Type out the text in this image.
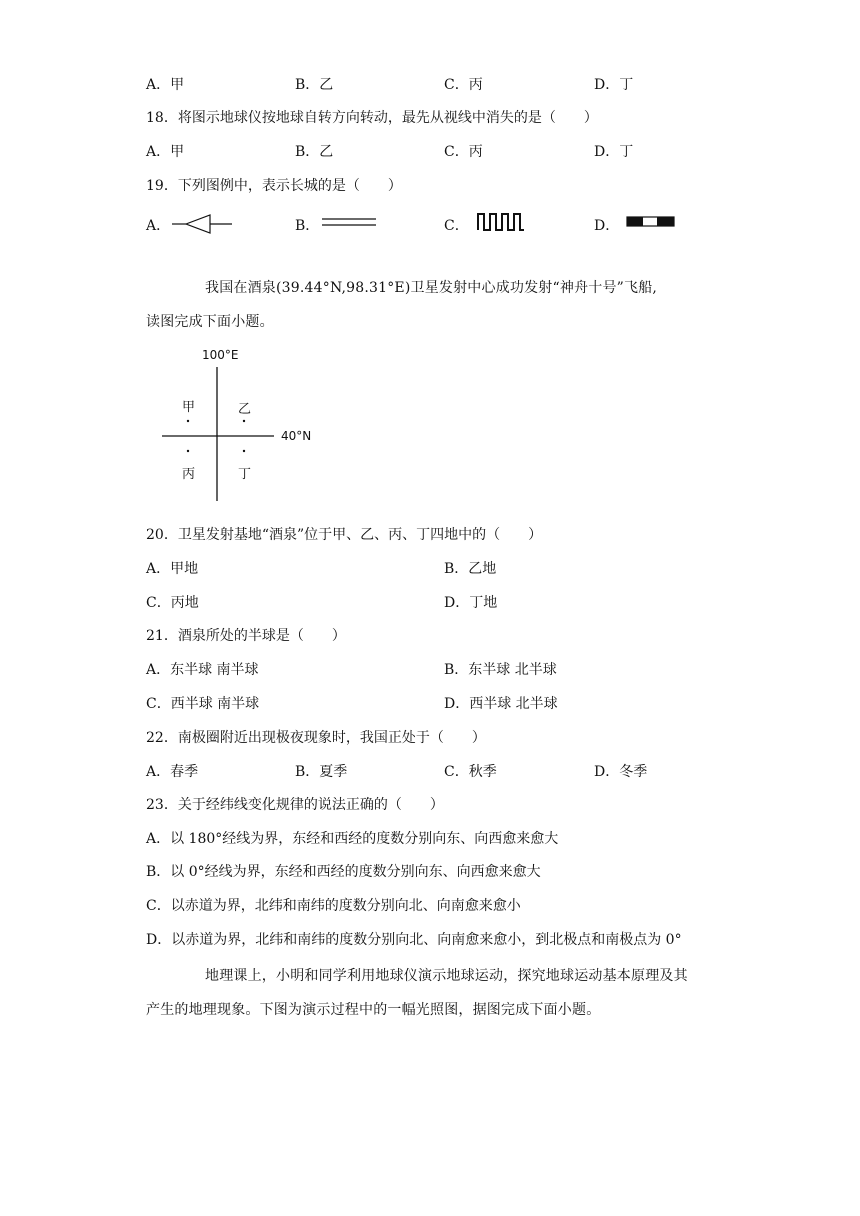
A．甲	B．乙	C．丙	D．丁
18．将图示地球仪按地球自转方向转动，最先从视线中消失的是（　　）
A．甲	B．乙	C．丙	D．丁
19．下列图例中，表示长城的是（　　）
A．	B．	C．	D．
我国在酒泉(39.44°N,98.31°E)卫星发射中心成功发射“神舟十号”飞船,
读图完成下面小题。
100°E
40°N
甲	乙
丙	丁
20．卫星发射基地“酒泉”位于甲、乙、丙、丁四地中的（　　）
A．甲地	B．乙地
C．丙地	D．丁地
21．酒泉所处的半球是（　　）
A．东半球 南半球	B．东半球 北半球
C．西半球 南半球	D．西半球 北半球
22．南极圈附近出现极夜现象时，我国正处于（　　）
A．春季	B．夏季	C．秋季	D．冬季
23．关于经纬线变化规律的说法正确的（　　）
A．以 180°经线为界，东经和西经的度数分别向东、向西愈来愈大
B．以 0°经线为界，东经和西经的度数分别向东、向西愈来愈大
C．以赤道为界，北纬和南纬的度数分别向北、向南愈来愈小
D．以赤道为界，北纬和南纬的度数分别向北、向南愈来愈小，到北极点和南极点为 0°
地理课上，小明和同学利用地球仪演示地球运动，探究地球运动基本原理及其
产生的地理现象。下图为演示过程中的一幅光照图，据图完成下面小题。
